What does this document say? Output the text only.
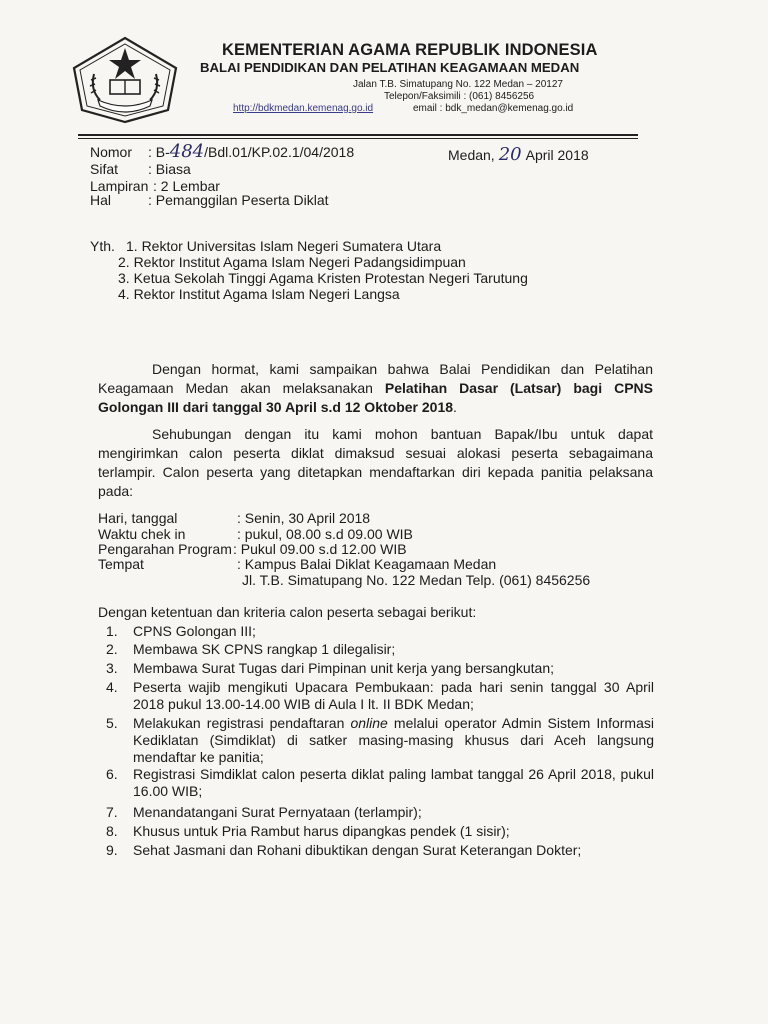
KEMENTERIAN AGAMA REPUBLIK INDONESIA
BALAI PENDIDIKAN DAN PELATIHAN KEAGAMAAN MEDAN
Jalan T.B. Simatupang No. 122 Medan – 20127
Telepon/Faksimili : (061) 8456256
http://bdkmedan.kemenag.go.id	email : bdk_medan@kemenag.go.id
Nomor : B-484/Bdl.01/KP.02.1/04/2018	Medan, 20 April 2018
Sifat : Biasa
Lampiran : 2 Lembar
Hal	: Pemanggilan Peserta Diklat
Yth. 1. Rektor Universitas Islam Negeri Sumatera Utara
2. Rektor Institut Agama Islam Negeri Padangsidimpuan
3. Ketua Sekolah Tinggi Agama Kristen Protestan Negeri Tarutung
4. Rektor Institut Agama Islam Negeri Langsa
Dengan hormat, kami sampaikan bahwa Balai Pendidikan dan Pelatihan Keagamaan Medan akan melaksanakan Pelatihan Dasar (Latsar) bagi CPNS Golongan III dari tanggal 30 April s.d 12 Oktober 2018.
Sehubungan dengan itu kami mohon bantuan Bapak/Ibu untuk dapat mengirimkan calon peserta diklat dimaksud sesuai alokasi peserta sebagaimana terlampir. Calon peserta yang ditetapkan mendaftarkan diri kepada panitia pelaksana pada:
Hari, tanggal	: Senin, 30 April 2018
Waktu chek in	: pukul, 08.00 s.d 09.00 WIB
Pengarahan Program : Pukul 09.00 s.d 12.00 WIB
Tempat	: Kampus Balai Diklat Keagamaan Medan
Jl. T.B. Simatupang No. 122 Medan Telp. (061) 8456256
Dengan ketentuan dan kriteria calon peserta sebagai berikut:
1. CPNS Golongan III;
2. Membawa SK CPNS rangkap 1 dilegalisir;
3. Membawa Surat Tugas dari Pimpinan unit kerja yang bersangkutan;
4. Peserta wajib mengikuti Upacara Pembukaan: pada hari senin tanggal 30 April 2018 pukul 13.00-14.00 WIB di Aula I lt. II BDK Medan;
5. Melakukan registrasi pendaftaran online melalui operator Admin Sistem Informasi Kediklatan (Simdiklat) di satker masing-masing khusus dari Aceh langsung mendaftar ke panitia;
6. Registrasi Simdiklat calon peserta diklat paling lambat tanggal 26 April 2018, pukul 16.00 WIB;
7. Menandatangani Surat Pernyataan (terlampir);
8. Khusus untuk Pria Rambut harus dipangkas pendek (1 sisir);
9. Sehat Jasmani dan Rohani dibuktikan dengan Surat Keterangan Dokter;
